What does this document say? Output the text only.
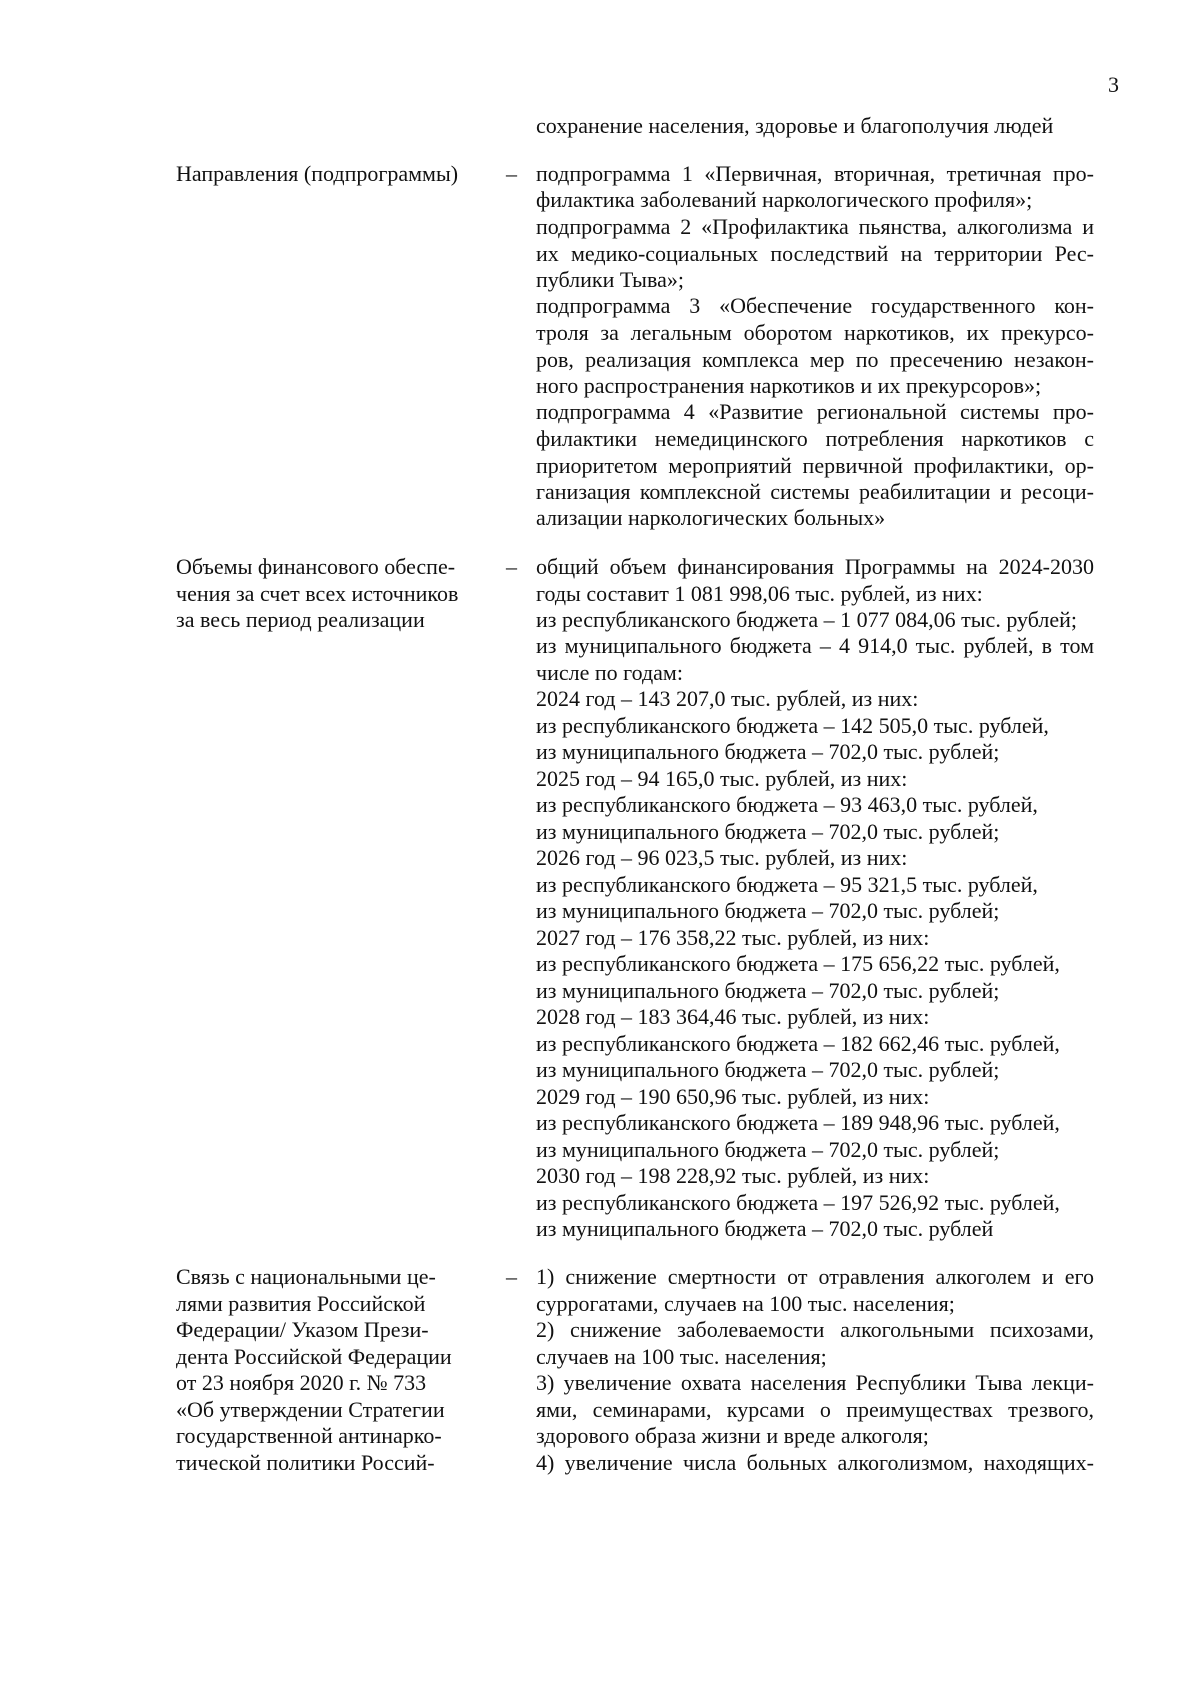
3
сохранение населения, здоровье и благополучия людей
Направления (подпрограммы) – подпрограмма 1 «Первичная, вторичная, третичная про-
филактика заболеваний наркологического профиля»;
подпрограмма 2 «Профилактика пьянства, алкоголизма и
их медико-социальных последствий на территории Рес-
публики Тыва»;
подпрограмма 3 «Обеспечение государственного кон-
троля за легальным оборотом наркотиков, их прекурсо-
ров, реализация комплекса мер по пресечению незакон-
ного распространения наркотиков и их прекурсоров»;
подпрограмма 4 «Развитие региональной системы про-
филактики немедицинского потребления наркотиков с
приоритетом мероприятий первичной профилактики, ор-
ганизация комплексной системы реабилитации и ресоци-
ализации наркологических больных»
Объемы финансового обеспе-
чения за счет всех источников
за весь период реализации
– общий объем финансирования Программы на 2024-2030
годы составит 1 081 998,06 тыс. рублей, из них:
из республиканского бюджета – 1 077 084,06 тыс. рублей;
из муниципального бюджета – 4 914,0 тыс. рублей, в том
числе по годам:
2024 год – 143 207,0 тыс. рублей, из них:
из республиканского бюджета – 142 505,0 тыс. рублей,
из муниципального бюджета – 702,0 тыс. рублей;
2025 год – 94 165,0 тыс. рублей, из них:
из республиканского бюджета – 93 463,0 тыс. рублей,
из муниципального бюджета – 702,0 тыс. рублей;
2026 год – 96 023,5 тыс. рублей, из них:
из республиканского бюджета – 95 321,5 тыс. рублей,
из муниципального бюджета – 702,0 тыс. рублей;
2027 год – 176 358,22 тыс. рублей, из них:
из республиканского бюджета – 175 656,22 тыс. рублей,
из муниципального бюджета – 702,0 тыс. рублей;
2028 год – 183 364,46 тыс. рублей, из них:
из республиканского бюджета – 182 662,46 тыс. рублей,
из муниципального бюджета – 702,0 тыс. рублей;
2029 год – 190 650,96 тыс. рублей, из них:
из республиканского бюджета – 189 948,96 тыс. рублей,
из муниципального бюджета – 702,0 тыс. рублей;
2030 год – 198 228,92 тыс. рублей, из них:
из республиканского бюджета – 197 526,92 тыс. рублей,
из муниципального бюджета – 702,0 тыс. рублей
Связь с национальными це-
лями развития Российской
Федерации/ Указом Прези-
дента Российской Федерации
от 23 ноября 2020 г. № 733
«Об утверждении Стратегии
государственной антинарко-
тической политики Россий-
– 1) снижение смертности от отравления алкоголем и его
суррогатами, случаев на 100 тыс. населения;
2) снижение заболеваемости алкогольными психозами,
случаев на 100 тыс. населения;
3) увеличение охвата населения Республики Тыва лекци-
ями, семинарами, курсами о преимуществах трезвого,
здорового образа жизни и вреде алкоголя;
4) увеличение числа больных алкоголизмом, находящих-
